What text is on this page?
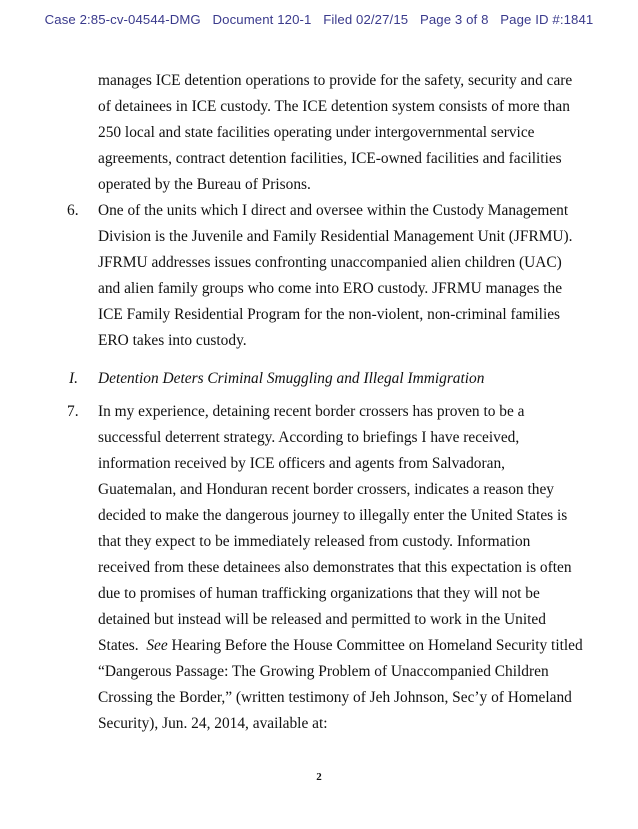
Case 2:85-cv-04544-DMG Document 120-1 Filed 02/27/15 Page 3 of 8 Page ID #:1841
manages ICE detention operations to provide for the safety, security and care
of detainees in ICE custody. The ICE detention system consists of more than
250 local and state facilities operating under intergovernmental service
agreements, contract detention facilities, ICE-owned facilities and facilities
operated by the Bureau of Prisons.
6. One of the units which I direct and oversee within the Custody Management
Division is the Juvenile and Family Residential Management Unit (JFRMU).
JFRMU addresses issues confronting unaccompanied alien children (UAC)
and alien family groups who come into ERO custody. JFRMU manages the
ICE Family Residential Program for the non-violent, non-criminal families
ERO takes into custody.
I. Detention Deters Criminal Smuggling and Illegal Immigration
7. In my experience, detaining recent border crossers has proven to be a
successful deterrent strategy. According to briefings I have received,
information received by ICE officers and agents from Salvadoran,
Guatemalan, and Honduran recent border crossers, indicates a reason they
decided to make the dangerous journey to illegally enter the United States is
that they expect to be immediately released from custody. Information
received from these detainees also demonstrates that this expectation is often
due to promises of human trafficking organizations that they will not be
detained but instead will be released and permitted to work in the United
States.  See Hearing Before the House Committee on Homeland Security titled
“Dangerous Passage: The Growing Problem of Unaccompanied Children
Crossing the Border,” (written testimony of Jeh Johnson, Sec’y of Homeland
Security), Jun. 24, 2014, available at:
2
